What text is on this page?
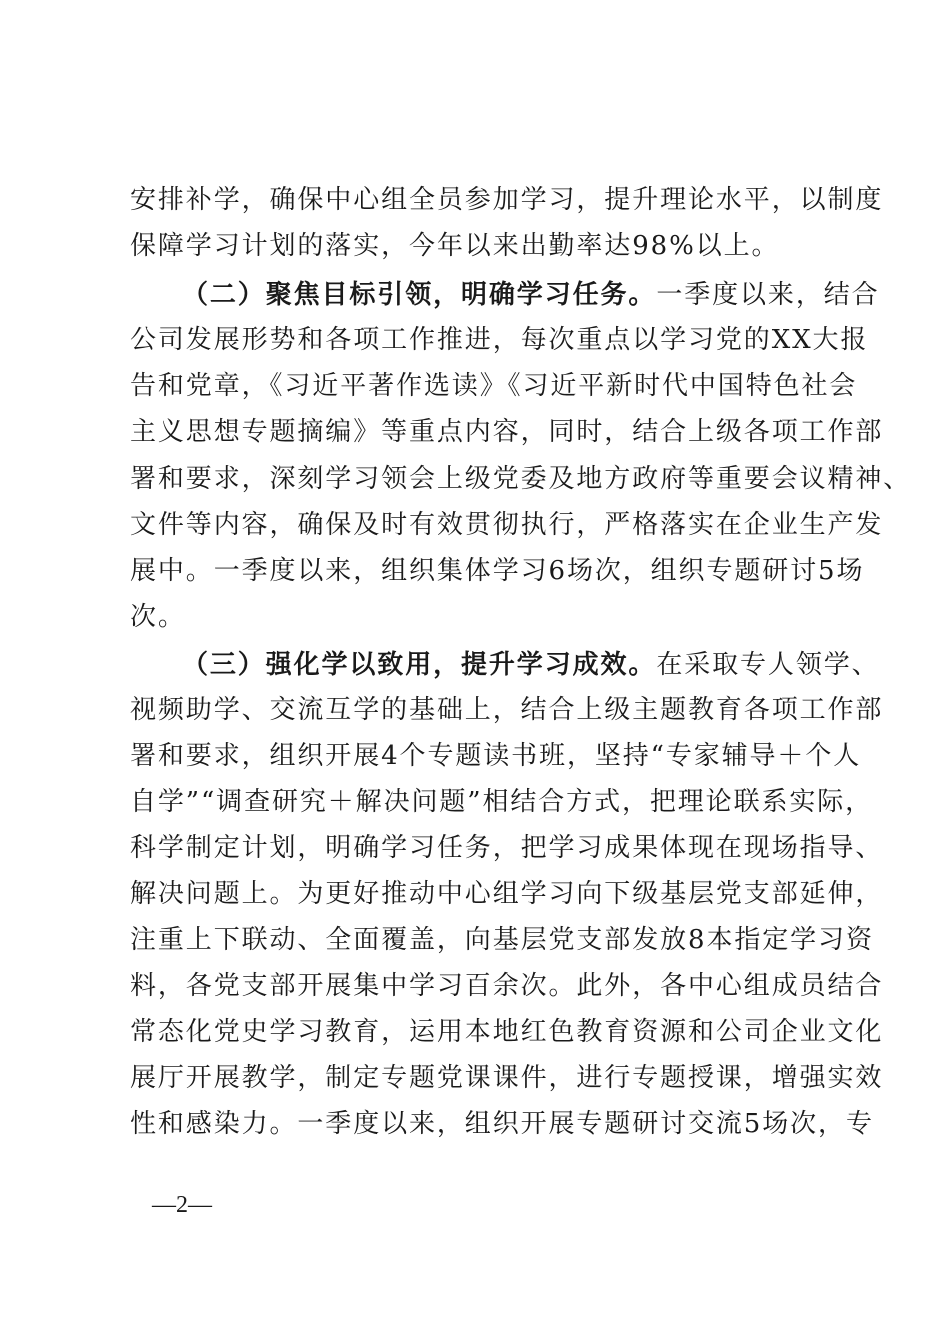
安排补学，确保中心组全员参加学习，提升理论水平，以制度
保障学习计划的落实，今年以来出勤率达98%以上。
（二）聚焦目标引领，明确学习任务。一季度以来，结合
公司发展形势和各项工作推进，每次重点以学习党的XX大报
告和党章，《习近平著作选读》《习近平新时代中国特色社会
主义思想专题摘编》等重点内容，同时，结合上级各项工作部
署和要求，深刻学习领会上级党委及地方政府等重要会议精神、
文件等内容，确保及时有效贯彻执行，严格落实在企业生产发
展中。一季度以来，组织集体学习6场次，组织专题研讨5场
次。
（三）强化学以致用，提升学习成效。在采取专人领学、
视频助学、交流互学的基础上，结合上级主题教育各项工作部
署和要求，组织开展4个专题读书班，坚持“专家辅导＋个人
自学”“调查研究＋解决问题”相结合方式，把理论联系实际，
科学制定计划，明确学习任务，把学习成果体现在现场指导、
解决问题上。为更好推动中心组学习向下级基层党支部延伸，
注重上下联动、全面覆盖，向基层党支部发放8本指定学习资
料，各党支部开展集中学习百余次。此外，各中心组成员结合
常态化党史学习教育，运用本地红色教育资源和公司企业文化
展厅开展教学，制定专题党课课件，进行专题授课，增强实效
性和感染力。一季度以来，组织开展专题研讨交流5场次，专
—2—
